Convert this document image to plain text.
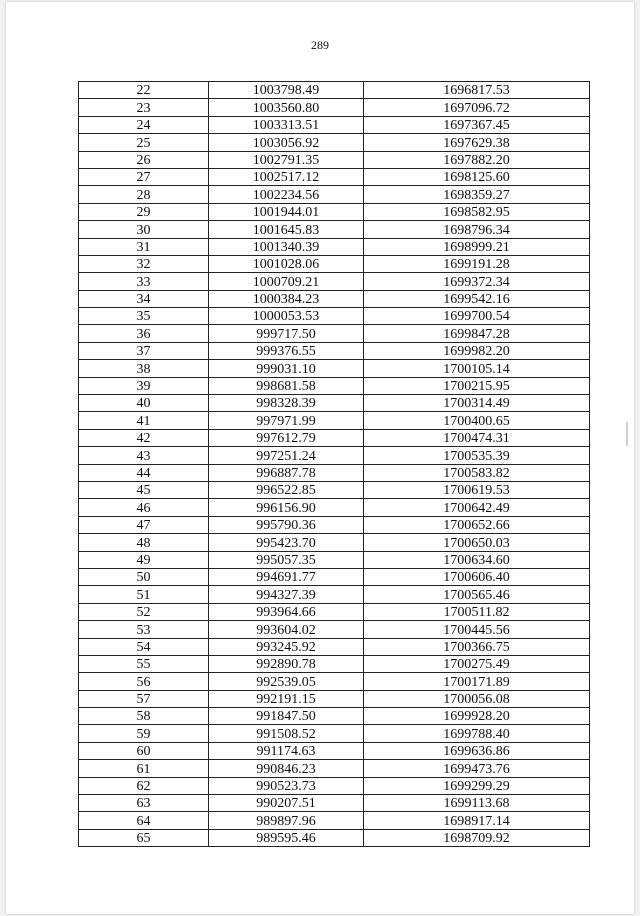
289
22	1003798.49	1696817.53
23	1003560.80	1697096.72
24	1003313.51	1697367.45
25	1003056.92	1697629.38
26	1002791.35	1697882.20
27	1002517.12	1698125.60
28	1002234.56	1698359.27
29	1001944.01	1698582.95
30	1001645.83	1698796.34
31	1001340.39	1698999.21
32	1001028.06	1699191.28
33	1000709.21	1699372.34
34	1000384.23	1699542.16
35	1000053.53	1699700.54
36	999717.50	1699847.28
37	999376.55	1699982.20
38	999031.10	1700105.14
39	998681.58	1700215.95
40	998328.39	1700314.49
41	997971.99	1700400.65
42	997612.79	1700474.31
43	997251.24	1700535.39
44	996887.78	1700583.82
45	996522.85	1700619.53
46	996156.90	1700642.49
47	995790.36	1700652.66
48	995423.70	1700650.03
49	995057.35	1700634.60
50	994691.77	1700606.40
51	994327.39	1700565.46
52	993964.66	1700511.82
53	993604.02	1700445.56
54	993245.92	1700366.75
55	992890.78	1700275.49
56	992539.05	1700171.89
57	992191.15	1700056.08
58	991847.50	1699928.20
59	991508.52	1699788.40
60	991174.63	1699636.86
61	990846.23	1699473.76
62	990523.73	1699299.29
63	990207.51	1699113.68
64	989897.96	1698917.14
65	989595.46	1698709.92
